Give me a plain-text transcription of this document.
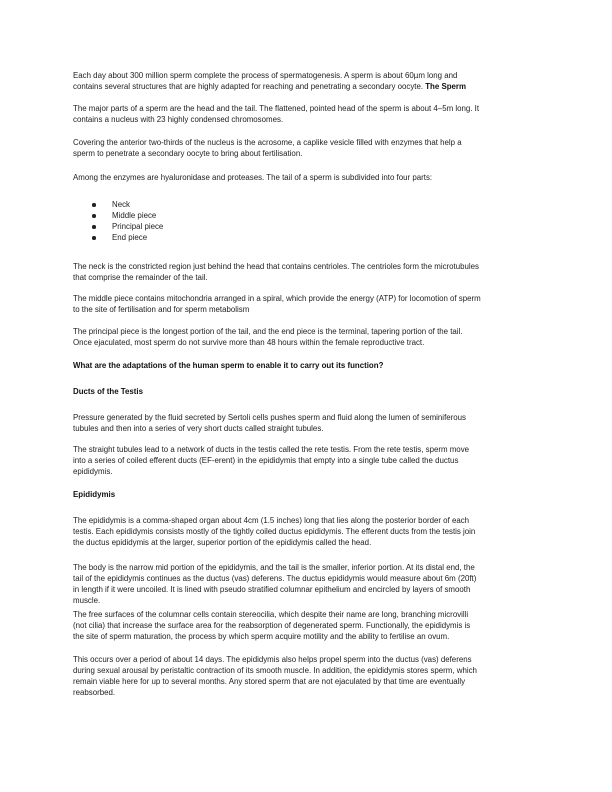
Each day about 300 million sperm complete the process of spermatogenesis. A sperm is about 60µm long and
contains several structures that are highly adapted for reaching and penetrating a secondary oocyte. The Sperm
The major parts of a sperm are the head and the tail. The flattened, pointed head of the sperm is about 4–5m long. It
contains a nucleus with 23 highly condensed chromosomes.
Covering the anterior two-thirds of the nucleus is the acrosome, a caplike vesicle filled with enzymes that help a
sperm to penetrate a secondary oocyte to bring about fertilisation.
Among the enzymes are hyaluronidase and proteases. The tail of a sperm is subdivided into four parts:
Neck
Middle piece
Principal piece
End piece
The neck is the constricted region just behind the head that contains centrioles. The centrioles form the microtubules
that comprise the remainder of the tail.
The middle piece contains mitochondria arranged in a spiral, which provide the energy (ATP) for locomotion of sperm
to the site of fertilisation and for sperm metabolism
The principal piece is the longest portion of the tail, and the end piece is the terminal, tapering portion of the tail.
Once ejaculated, most sperm do not survive more than 48 hours within the female reproductive tract.
What are the adaptations of the human sperm to enable it to carry out its function?
Ducts of the Testis
Pressure generated by the fluid secreted by Sertoli cells pushes sperm and fluid along the lumen of seminiferous
tubules and then into a series of very short ducts called straight tubules.
The straight tubules lead to a network of ducts in the testis called the rete testis. From the rete testis, sperm move
into a series of coiled efferent ducts (EF-erent) in the epididymis that empty into a single tube called the ductus
epididymis.
Epididymis
The epididymis is a comma-shaped organ about 4cm (1.5 inches) long that lies along the posterior border of each
testis. Each epididymis consists mostly of the tightly coiled ductus epididymis. The efferent ducts from the testis join
the ductus epididymis at the larger, superior portion of the epididymis called the head.
The body is the narrow mid portion of the epididymis, and the tail is the smaller, inferior portion. At its distal end, the
tail of the epididymis continues as the ductus (vas) deferens. The ductus epididymis would measure about 6m (20ft)
in length if it were uncoiled. It is lined with pseudo stratified columnar epithelium and encircled by layers of smooth
muscle.
The free surfaces of the columnar cells contain stereocilia, which despite their name are long, branching microvilli
(not cilia) that increase the surface area for the reabsorption of degenerated sperm. Functionally, the epididymis is
the site of sperm maturation, the process by which sperm acquire motility and the ability to fertilise an ovum.
This occurs over a period of about 14 days. The epididymis also helps propel sperm into the ductus (vas) deferens
during sexual arousal by peristaltic contraction of its smooth muscle. In addition, the epididymis stores sperm, which
remain viable here for up to several months. Any stored sperm that are not ejaculated by that time are eventually
reabsorbed.
